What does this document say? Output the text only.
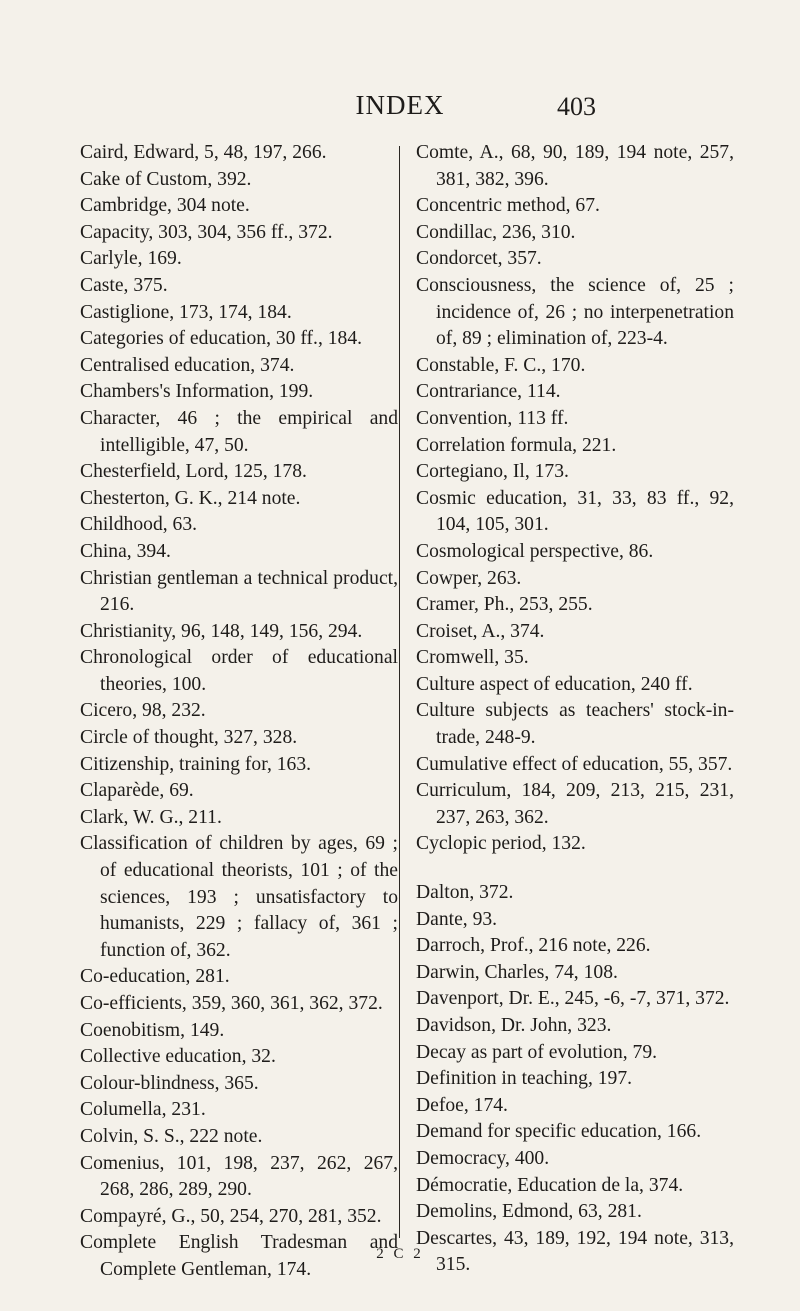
INDEX	403

Caird, Edward, 5, 48, 197, 266.

Cake of Custom, 392.

Cambridge, 304 note.

Capacity, 303, 304, 356 ff., 372.

Carlyle, 169.

Caste, 375.

Castiglione, 173, 174, 184.

Categories of education, 30 ff., 184.

Centralised education, 374.

Chambers's Information, 199.

Character, 46 ; the empirical and intelligible, 47, 50.

Chesterfield, Lord, 125, 178.

Chesterton, G. K., 214 note.

Childhood, 63.

China, 394.

Christian gentleman a technical product, 216.

Christianity, 96, 148, 149, 156, 294.

Chronological order of educational theories, 100.

Cicero, 98, 232.

Circle of thought, 327, 328.

Citizenship, training for, 163.

Claparède, 69.

Clark, W. G., 211.

Classification of children by ages, 69 ; of educational theorists, 101 ; of the sciences, 193 ; unsatisfactory to humanists, 229 ; fallacy of, 361 ; function of, 362.

Co-education, 281.

Co-efficients, 359, 360, 361, 362, 372.

Coenobitism, 149.

Collective education, 32.

Colour-blindness, 365.

Columella, 231.

Colvin, S. S., 222 note.

Comenius, 101, 198, 237, 262, 267, 268, 286, 289, 290.

Compayré, G., 50, 254, 270, 281, 352.

Complete English Tradesman and Complete Gentleman, 174.

Comte, A., 68, 90, 189, 194 note, 257, 381, 382, 396.

Concentric method, 67.

Condillac, 236, 310.

Condorcet, 357.

Consciousness, the science of, 25 ; incidence of, 26 ; no interpenetration of, 89 ; elimination of, 223-4.

Constable, F. C., 170.

Contrariance, 114.

Convention, 113 ff.

Correlation formula, 221.

Cortegiano, Il, 173.

Cosmic education, 31, 33, 83 ff., 92, 104, 105, 301.

Cosmological perspective, 86.

Cowper, 263.

Cramer, Ph., 253, 255.

Croiset, A., 374.

Cromwell, 35.

Culture aspect of education, 240 ff.

Culture subjects as teachers' stock-in-trade, 248-9.

Cumulative effect of education, 55, 357.

Curriculum, 184, 209, 213, 215, 231, 237, 263, 362.

Cyclopic period, 132.

Dalton, 372.

Dante, 93.

Darroch, Prof., 216 note, 226.

Darwin, Charles, 74, 108.

Davenport, Dr. E., 245, -6, -7, 371, 372.

Davidson, Dr. John, 323.

Decay as part of evolution, 79.

Definition in teaching, 197.

Defoe, 174.

Demand for specific education, 166.

Democracy, 400.

Démocratie, Education de la, 374.

Demolins, Edmond, 63, 281.

Descartes, 43, 189, 192, 194 note, 313, 315.

2 C 2
